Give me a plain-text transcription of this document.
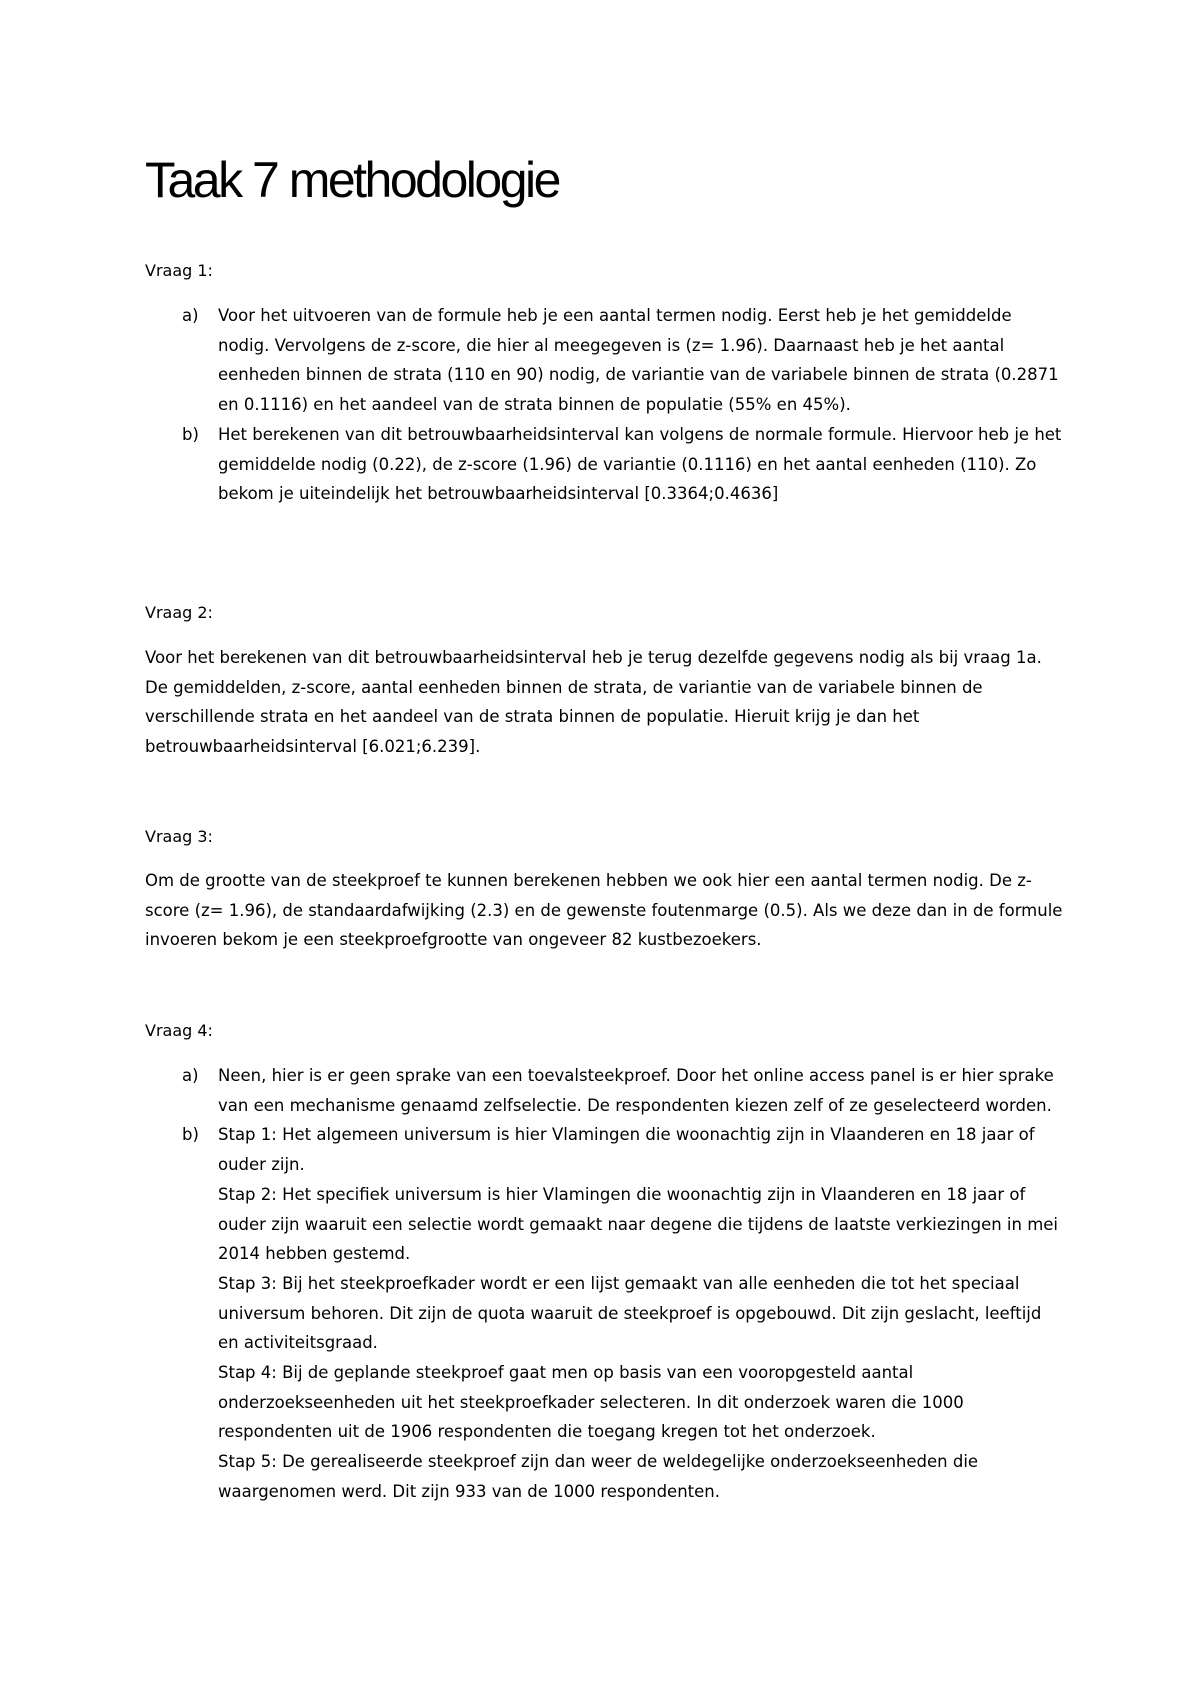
Taak 7 methodologie

Vraag 1:

a) Voor het uitvoeren van de formule heb je een aantal termen nodig. Eerst heb je het gemiddelde nodig. Vervolgens de z-score, die hier al meegegeven is (z= 1.96). Daarnaast heb je het aantal eenheden binnen de strata (110 en 90) nodig, de variantie van de variabele binnen de strata (0.2871 en 0.1116) en het aandeel van de strata binnen de populatie (55% en 45%).
b) Het berekenen van dit betrouwbaarheidsinterval kan volgens de normale formule. Hiervoor heb je het gemiddelde nodig (0.22), de z-score (1.96) de variantie (0.1116) en het aantal eenheden (110). Zo bekom je uiteindelijk het betrouwbaarheidsinterval [0.3364;0.4636]

Vraag 2:

Voor het berekenen van dit betrouwbaarheidsinterval heb je terug dezelfde gegevens nodig als bij vraag 1a. De gemiddelden, z-score, aantal eenheden binnen de strata, de variantie van de variabele binnen de verschillende strata en het aandeel van de strata binnen de populatie. Hieruit krijg je dan het betrouwbaarheidsinterval [6.021;6.239].

Vraag 3:

Om de grootte van de steekproef te kunnen berekenen hebben we ook hier een aantal termen nodig. De z-score (z= 1.96), de standaardafwijking (2.3) en de gewenste foutenmarge (0.5). Als we deze dan in de formule invoeren bekom je een steekproefgrootte van ongeveer 82 kustbezoekers.

Vraag 4:

a) Neen, hier is er geen sprake van een toevalsteekproef. Door het online access panel is er hier sprake van een mechanisme genaamd zelfselectie. De respondenten kiezen zelf of ze geselecteerd worden.
b) Stap 1: Het algemeen universum is hier Vlamingen die woonachtig zijn in Vlaanderen en 18 jaar of ouder zijn.
Stap 2: Het specifiek universum is hier Vlamingen die woonachtig zijn in Vlaanderen en 18 jaar of ouder zijn waaruit een selectie wordt gemaakt naar degene die tijdens de laatste verkiezingen in mei 2014 hebben gestemd.
Stap 3: Bij het steekproefkader wordt er een lijst gemaakt van alle eenheden die tot het speciaal universum behoren. Dit zijn de quota waaruit de steekproef is opgebouwd. Dit zijn geslacht, leeftijd en activiteitsgraad.
Stap 4: Bij de geplande steekproef gaat men op basis van een vooropgesteld aantal onderzoekseenheden uit het steekproefkader selecteren. In dit onderzoek waren die 1000 respondenten uit de 1906 respondenten die toegang kregen tot het onderzoek.
Stap 5: De gerealiseerde steekproef zijn dan weer de weldegelijke onderzoekseenheden die waargenomen werd. Dit zijn 933 van de 1000 respondenten.
